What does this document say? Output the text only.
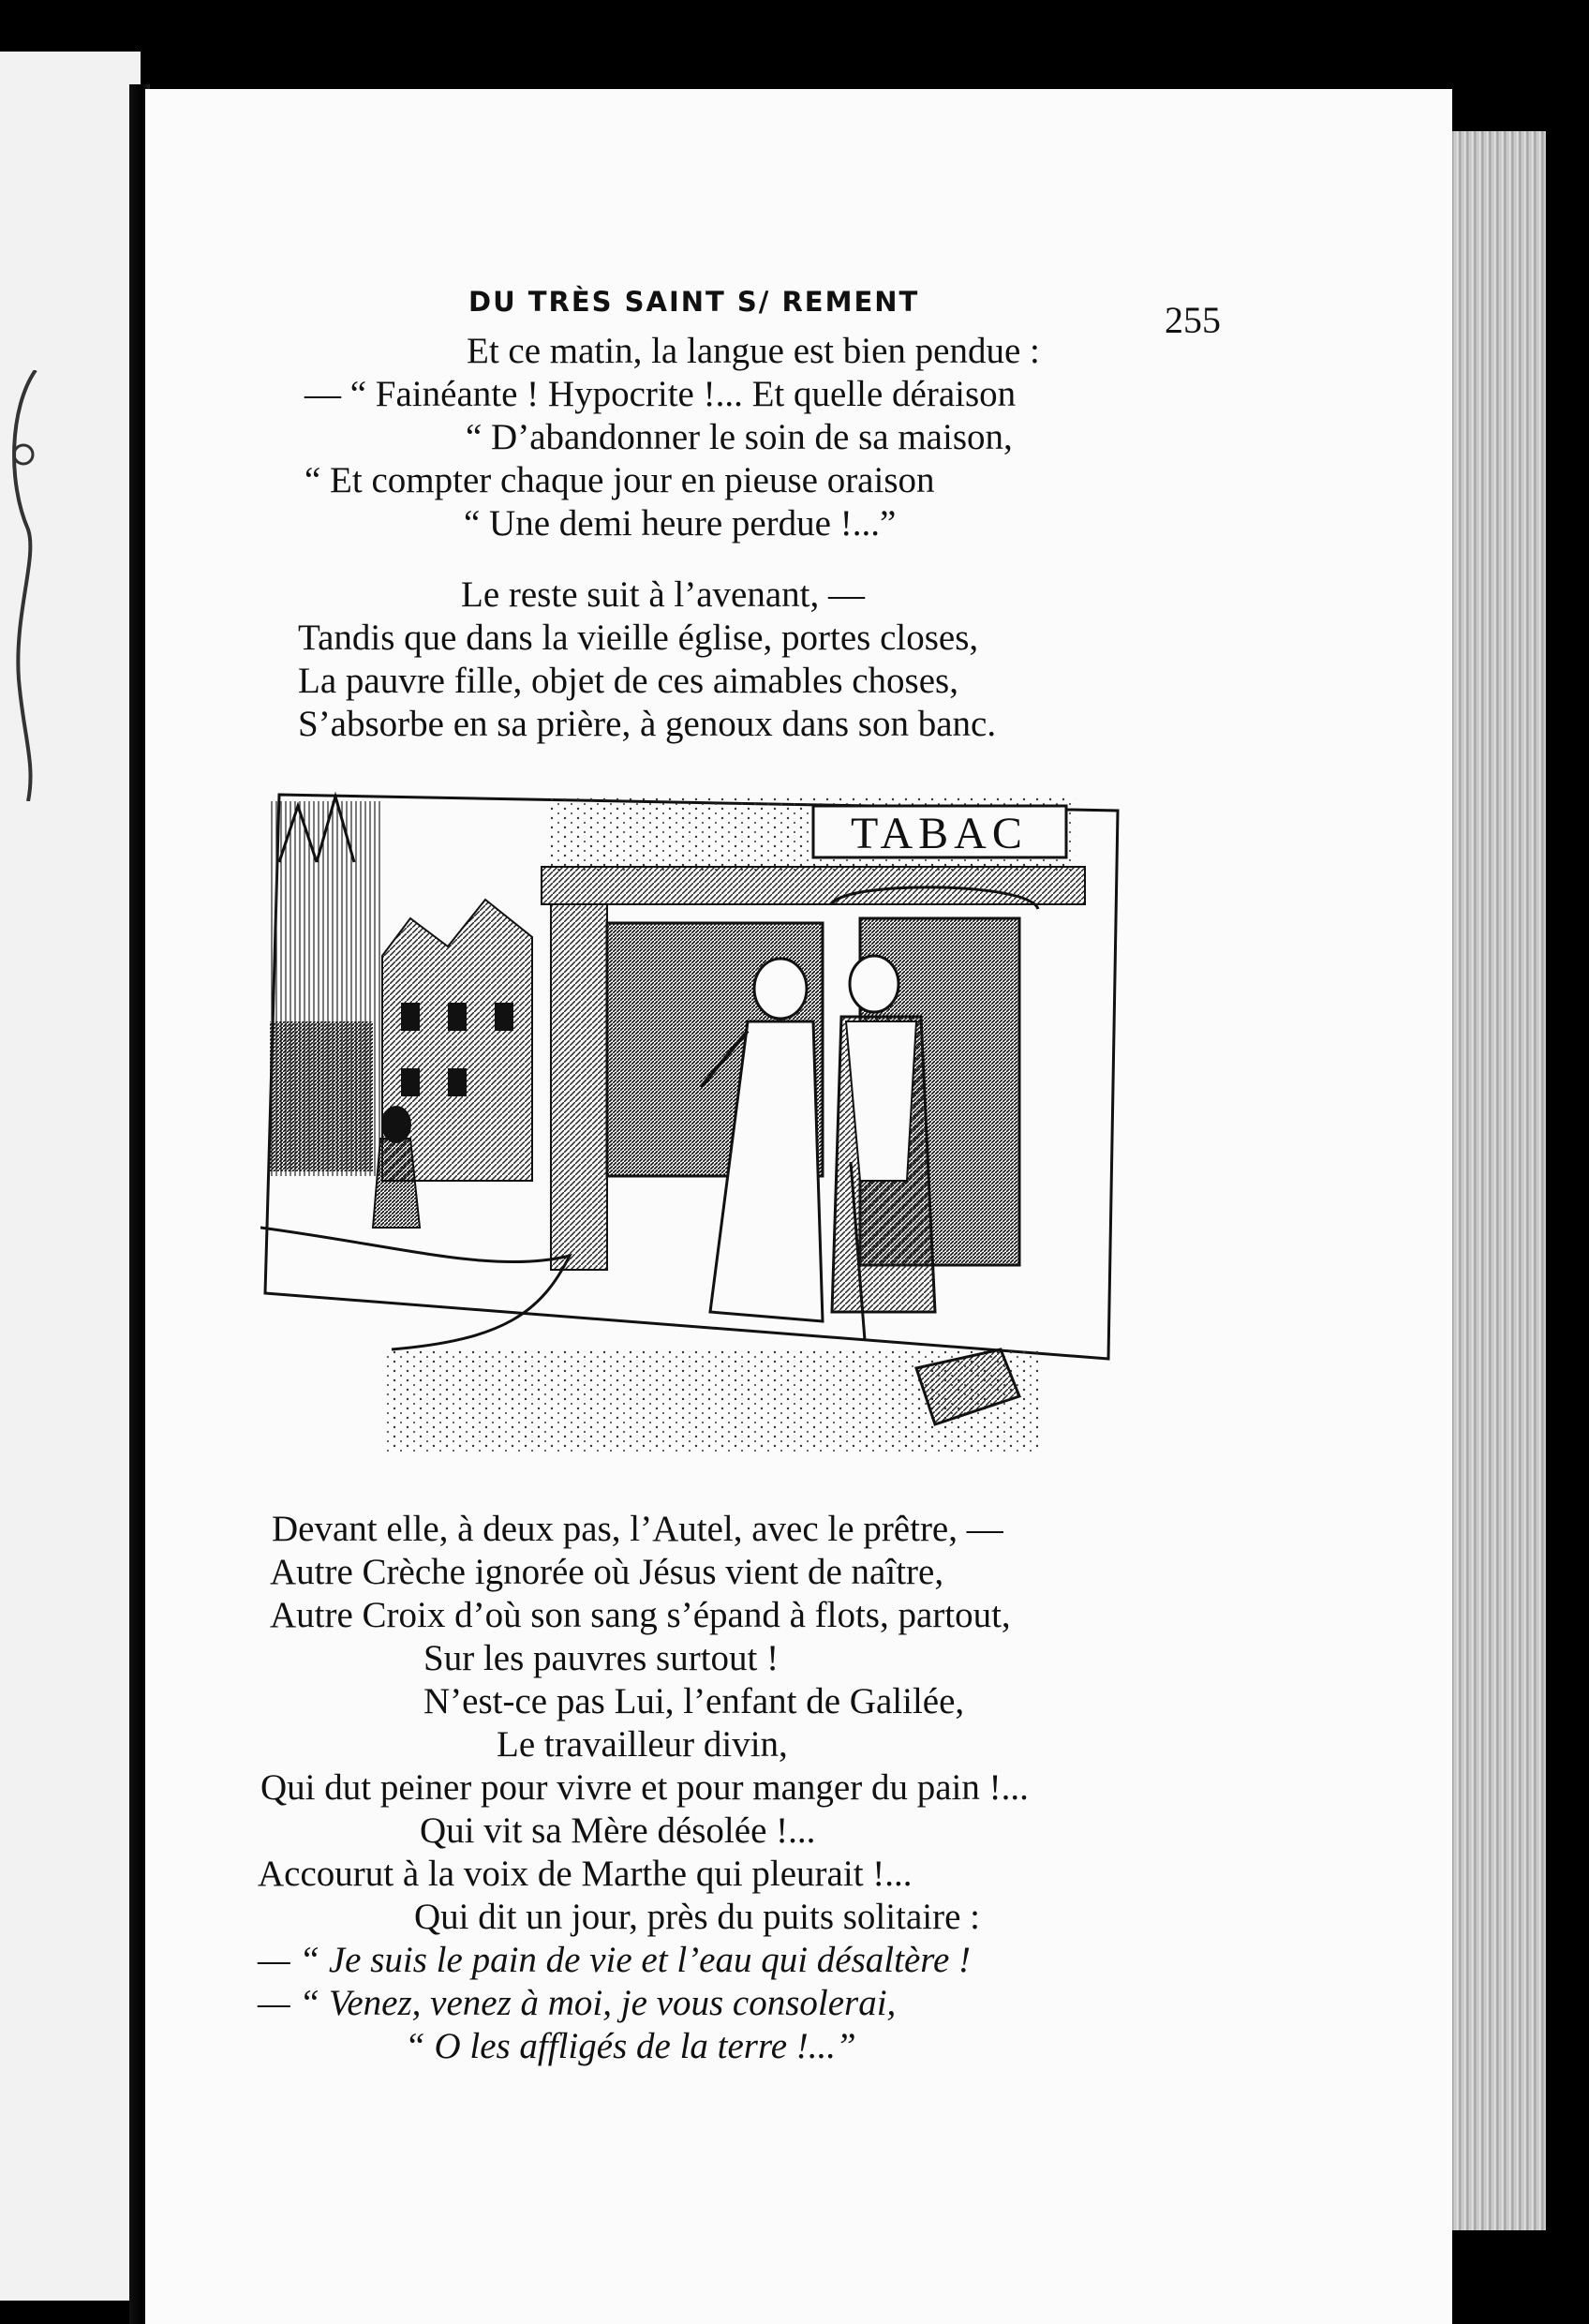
DU TRÈS SAINT S/ REMENT	255
Et ce matin, la langue est bien pendue :
— “ Fainéante ! Hypocrite !... Et quelle déraison
“ D’abandonner le soin de sa maison,
“ Et compter chaque jour en pieuse oraison
“ Une demi heure perdue !...”
Le reste suit à l’avenant, —
Tandis que dans la vieille église, portes closes,
La pauvre fille, objet de ces aimables choses,
S’absorbe en sa prière, à genoux dans son banc.
TABAC
Devant elle, à deux pas, l’Autel, avec le prêtre, —
Autre Crèche ignorée où Jésus vient de naître,
Autre Croix d’où son sang s’épand à flots, partout,
Sur les pauvres surtout !
N’est-ce pas Lui, l’enfant de Galilée,
Le travailleur divin,
Qui dut peiner pour vivre et pour manger du pain !...
Qui vit sa Mère désolée !...
Accourut à la voix de Marthe qui pleurait !...
Qui dit un jour, près du puits solitaire :
— “ Je suis le pain de vie et l’eau qui désaltère !
— “ Venez, venez à moi, je vous consolerai,
“ O les affligés de la terre !...”
